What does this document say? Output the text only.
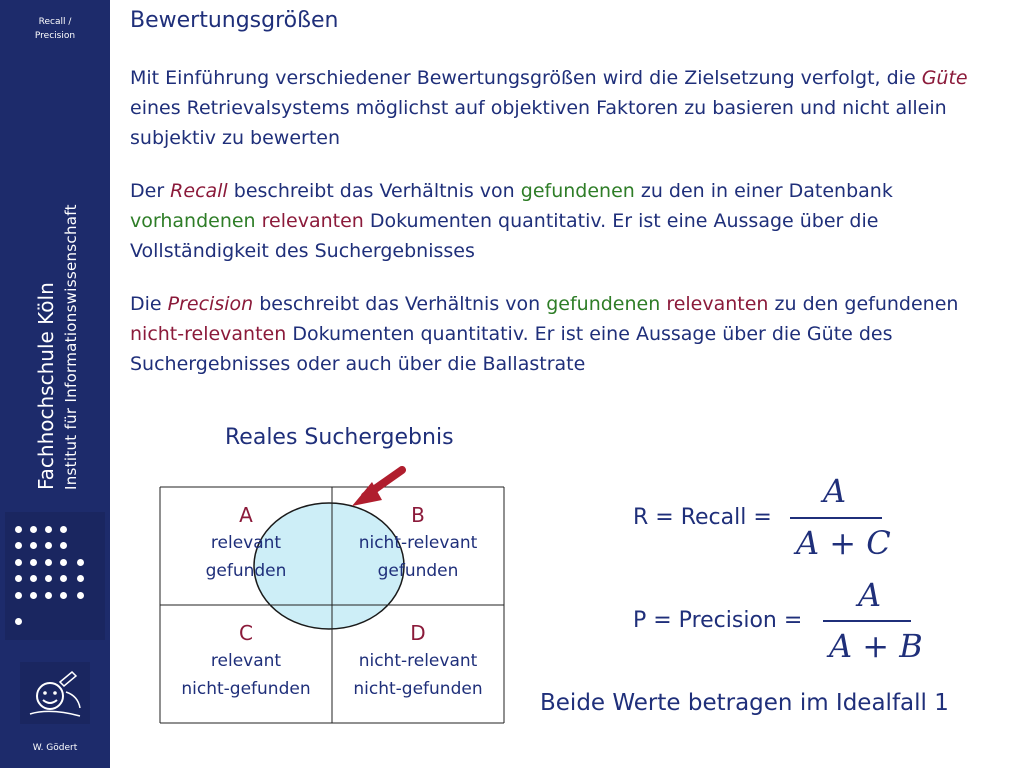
Recall /
Precision
Fachhochschule Köln Institut für Informationswissenschaft
W. Gödert
Bewertungsgrößen
Mit Einführung verschiedener Bewertungsgrößen wird die Zielsetzung verfolgt, die Güte eines Retrievalsystems möglichst auf objektiven Faktoren zu basieren und nicht allein subjektiv zu bewerten
Der Recall beschreibt das Verhältnis von gefundenen zu den in einer Datenbank vorhandenen relevanten Dokumenten quantitativ. Er ist eine Aussage über die Vollständigkeit des Suchergebnisses
Die Precision beschreibt das Verhältnis von gefundenen relevanten zu den gefundenen nicht-relevanten Dokumenten quantitativ. Er ist eine Aussage über die Güte des Suchergebnisses oder auch über die Ballastrate
Reales Suchergebnis
A
relevant
gefunden
B
nicht-relevant
gefunden
C
relevant
nicht-gefunden
D
nicht-relevant
nicht-gefunden
R = Recall =
A
A + C
P = Precision =
A
A + B
Beide Werte betragen im Idealfall 1
